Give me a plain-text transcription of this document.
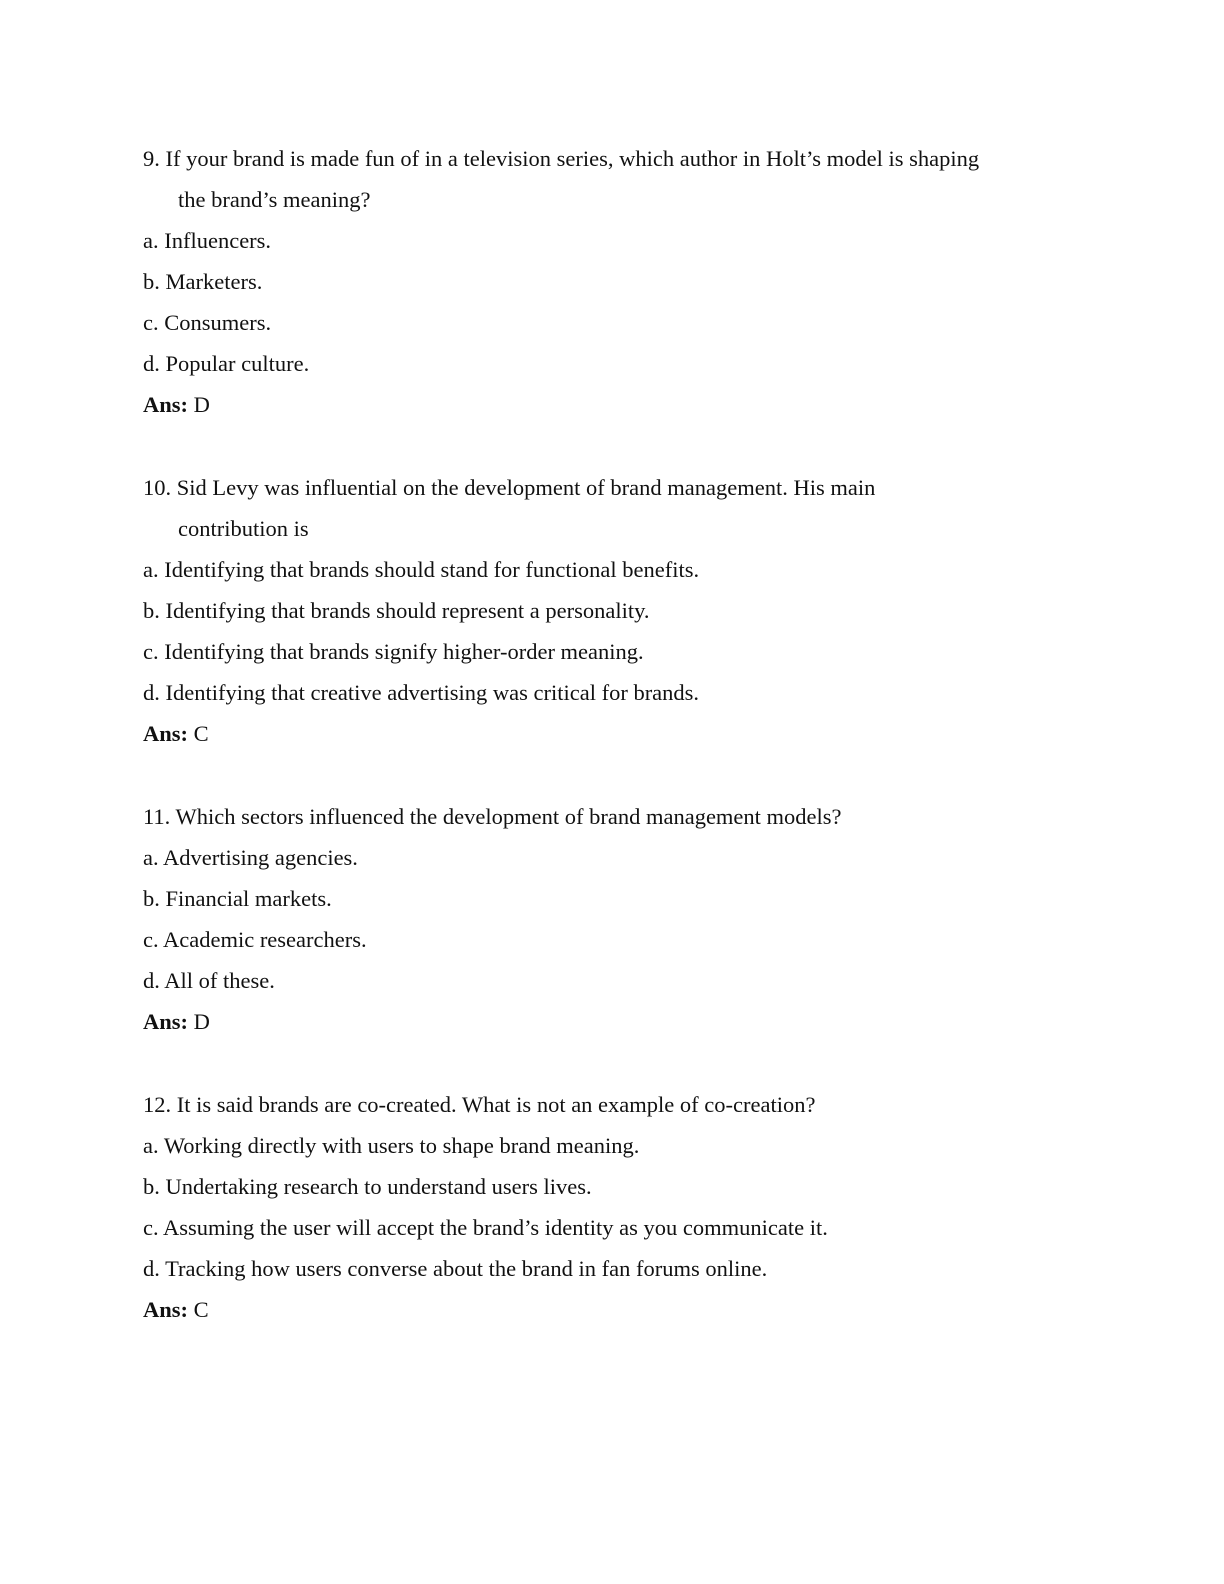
9. If your brand is made fun of in a television series, which author in Holt’s model is shaping
the brand’s meaning?
a. Influencers.
b. Marketers.
c. Consumers.
d. Popular culture.
Ans: D
10. Sid Levy was influential on the development of brand management. His main
contribution is
a. Identifying that brands should stand for functional benefits.
b. Identifying that brands should represent a personality.
c. Identifying that brands signify higher-order meaning.
d. Identifying that creative advertising was critical for brands.
Ans: C
11. Which sectors influenced the development of brand management models?
a. Advertising agencies.
b. Financial markets.
c. Academic researchers.
d. All of these.
Ans: D
12. It is said brands are co-created. What is not an example of co-creation?
a. Working directly with users to shape brand meaning.
b. Undertaking research to understand users lives.
c. Assuming the user will accept the brand’s identity as you communicate it.
d. Tracking how users converse about the brand in fan forums online.
Ans: C
